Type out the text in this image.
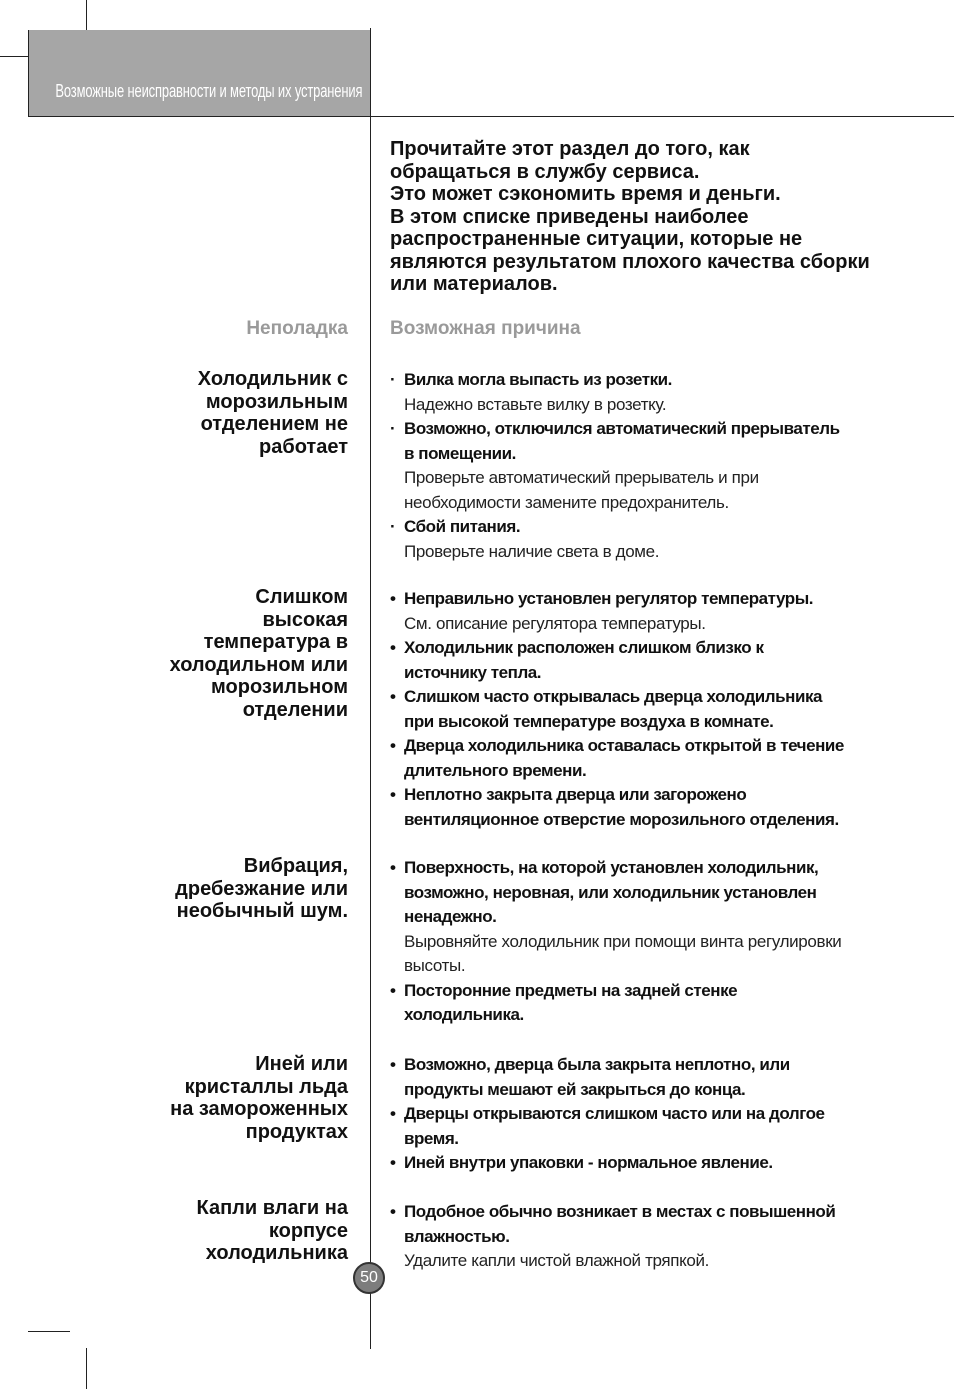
Возможные неисправности и методы их устранения
Прочитайте этот раздел до того, как
обращаться в службу сервиса.
Это может сэкономить время и деньги.
В этом списке приведены наиболее
распространенные ситуации, которые не
являются результатом плохого качества сборки
или материалов.
Неполадка Возможная причина
Холодильник с
морозильным
отделением не
работает
· Вилка могла выпасть из розетки.
Надежно вставьте вилку в розетку.
· Возможно, отключился автоматический прерыватель
в помещении.
Проверьте автоматический прерыватель и при
необходимости замените предохранитель.
· Сбой питания.
Проверьте наличие света в доме.
Слишком
высокая
температура в
холодильном или
морозильном
отделении
• Неправильно установлен регулятор температуры.
См. описание регулятора температуры.
• Холодильник расположен слишком близко к
источнику тепла.
• Слишком часто открывалась дверца холодильника
при высокой температуре воздуха в комнате.
• Дверца холодильника оставалась открытой в течение
длительного времени.
• Неплотно закрыта дверца или загорожено
вентиляционное отверстие морозильного отделения.
Вибрация,
дребезжание или
необычный шум.
• Поверхность, на которой установлен холодильник,
возможно, неровная, или холодильник установлен
ненадежно.
Выровняйте холодильник при помощи винта регулировки
высоты.
• Посторонние предметы на задней стенке
холодильника.
Иней или
кристаллы льда
на замороженных
продуктах
• Возможно, дверца была закрыта неплотно, или
продукты мешают ей закрыться до конца.
• Дверцы открываются слишком часто или на долгое
время.
• Иней внутри упаковки - нормальное явление.
Капли влаги на
корпусе
холодильника
• Подобное обычно возникает в местах с повышенной
влажностью.
Удалите капли чистой влажной тряпкой.
50
